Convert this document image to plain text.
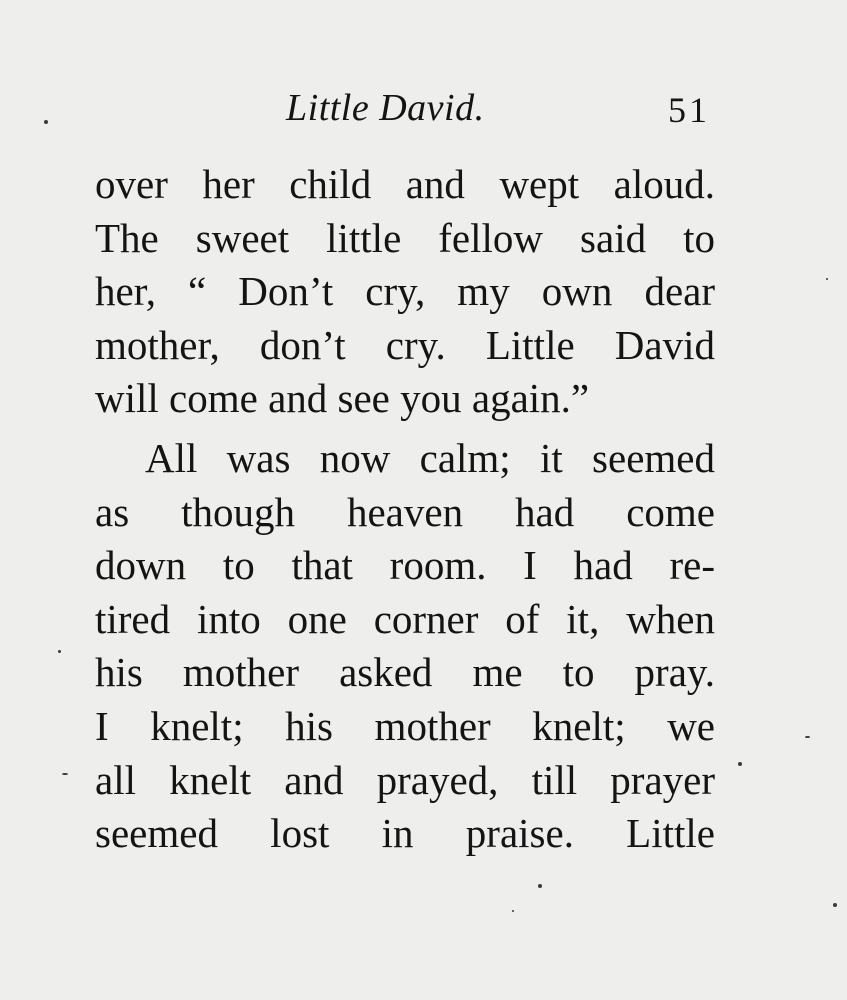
Little David.	51
over her child and wept aloud.
The sweet little fellow said to
her, “ Don’t cry, my own dear
mother, don’t cry. Little David
will come and see you again.”
All was now calm; it seemed
as though heaven had come
down to that room. I had re-
tired into one corner of it, when
his mother asked me to pray.
I knelt; his mother knelt; we
all knelt and prayed, till prayer
seemed lost in praise. Little
